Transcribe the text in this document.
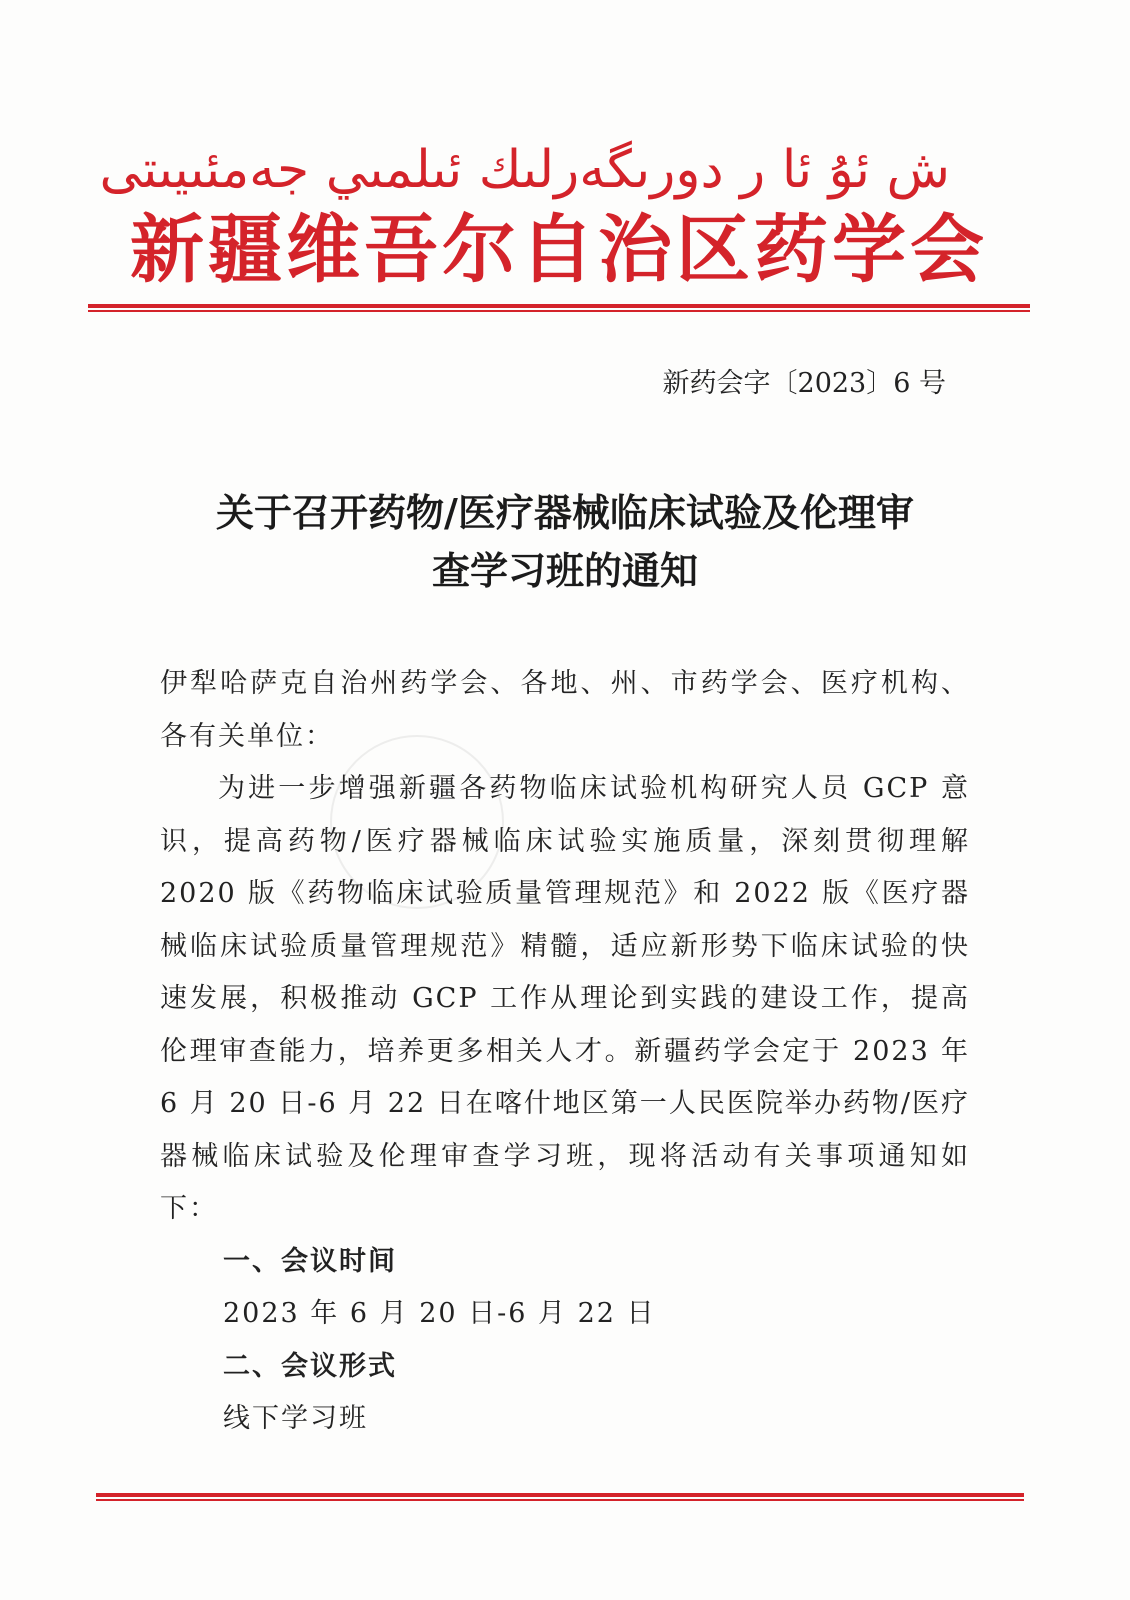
ش ئۇ ئا ر دورىگەرلىك ئىلمىي جەمئىيىتى
新疆维吾尔自治区药学会
新药会字〔2023〕6 号
关于召开药物/医疗器械临床试验及伦理审
查学习班的通知

伊犁哈萨克自治州药学会、各地、州、市药学会、医疗机构、各有关单位：

为进一步增强新疆各药物临床试验机构研究人员 GCP 意识，提高药物/医疗器械临床试验实施质量，深刻贯彻理解 2020 版《药物临床试验质量管理规范》和 2022 版《医疗器械临床试验质量管理规范》精髓，适应新形势下临床试验的快速发展，积极推动 GCP 工作从理论到实践的建设工作，提高伦理审查能力，培养更多相关人才。新疆药学会定于 2023 年 6 月 20 日-6 月 22 日在喀什地区第一人民医院举办药物/医疗器械临床试验及伦理审查学习班，现将活动有关事项通知如下：

一、会议时间

2023 年 6 月 20 日-6 月 22 日

二、会议形式

线下学习班
